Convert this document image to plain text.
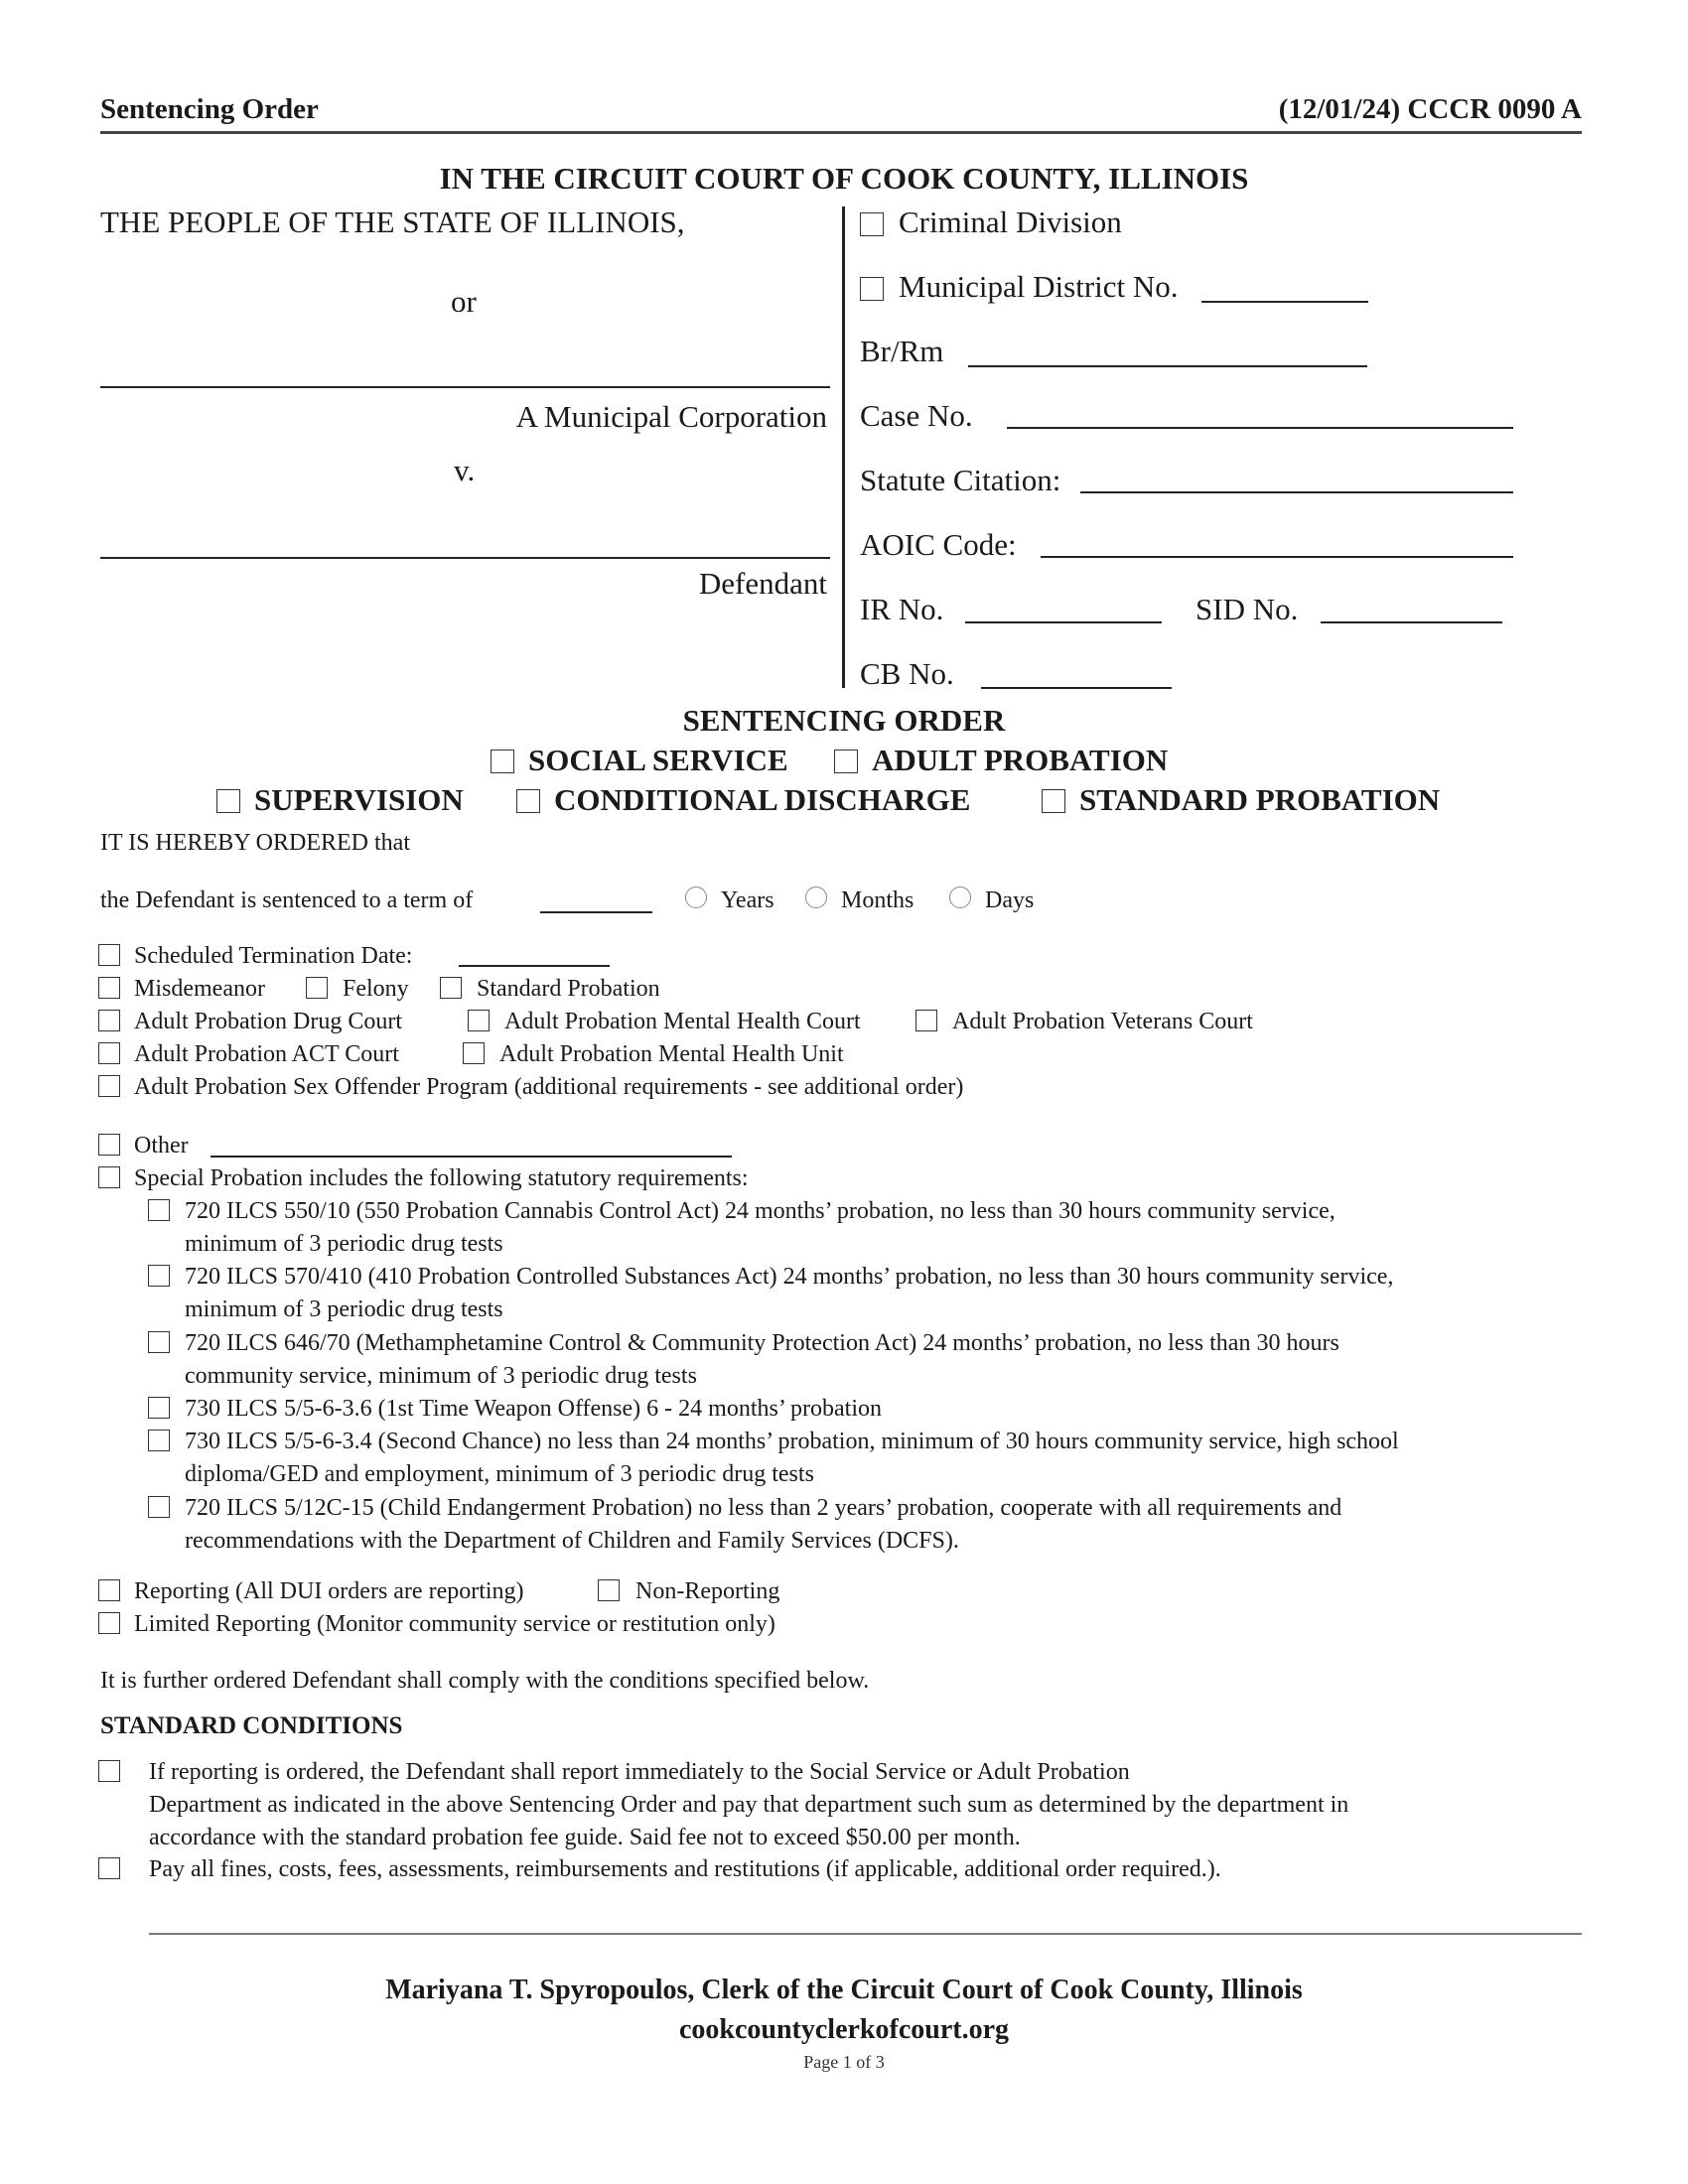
Sentencing Order	(12/01/24) CCCR 0090 A
IN THE CIRCUIT COURT OF COOK COUNTY, ILLINOIS
THE PEOPLE OF THE STATE OF ILLINOIS,
or
A Municipal Corporation
v.
Defendant
Criminal Division
Municipal District No.
Br/Rm
Case No.
Statute Citation:
AOIC Code:
IR No.	SID No.
CB No.
SENTENCING ORDER
SOCIAL SERVICE	ADULT PROBATION
SUPERVISION	CONDITIONAL DISCHARGE	STANDARD PROBATION
IT IS HEREBY ORDERED that
the Defendant is sentenced to a term of	Years	Months	Days
Scheduled Termination Date:
Misdemeanor	Felony	Standard Probation
Adult Probation Drug Court	Adult Probation Mental Health Court	Adult Probation Veterans Court
Adult Probation ACT Court	Adult Probation Mental Health Unit
Adult Probation Sex Offender Program (additional requirements - see additional order)
Other
Special Probation includes the following statutory requirements:
720 ILCS 550/10 (550 Probation Cannabis Control Act) 24 months’ probation, no less than 30 hours community service,
minimum of 3 periodic drug tests
720 ILCS 570/410 (410 Probation Controlled Substances Act) 24 months’ probation, no less than 30 hours community service,
minimum of 3 periodic drug tests
720 ILCS 646/70 (Methamphetamine Control & Community Protection Act) 24 months’ probation, no less than 30 hours
community service, minimum of 3 periodic drug tests
730 ILCS 5/5-6-3.6 (1st Time Weapon Offense) 6 - 24 months’ probation
730 ILCS 5/5-6-3.4 (Second Chance) no less than 24 months’ probation, minimum of 30 hours community service, high school
diploma/GED and employment, minimum of 3 periodic drug tests
720 ILCS 5/12C-15 (Child Endangerment Probation) no less than 2 years’ probation, cooperate with all requirements and
recommendations with the Department of Children and Family Services (DCFS).
Reporting (All DUI orders are reporting)	Non-Reporting
Limited Reporting (Monitor community service or restitution only)
It is further ordered Defendant shall comply with the conditions specified below.
STANDARD CONDITIONS
If reporting is ordered, the Defendant shall report immediately to the Social Service or Adult Probation
Department as indicated in the above Sentencing Order and pay that department such sum as determined by the department in
accordance with the standard probation fee guide. Said fee not to exceed $50.00 per month.
Pay all fines, costs, fees, assessments, reimbursements and restitutions (if applicable, additional order required.).
Mariyana T. Spyropoulos, Clerk of the Circuit Court of Cook County, Illinois
cookcountyclerkofcourt.org
Page 1 of 3
